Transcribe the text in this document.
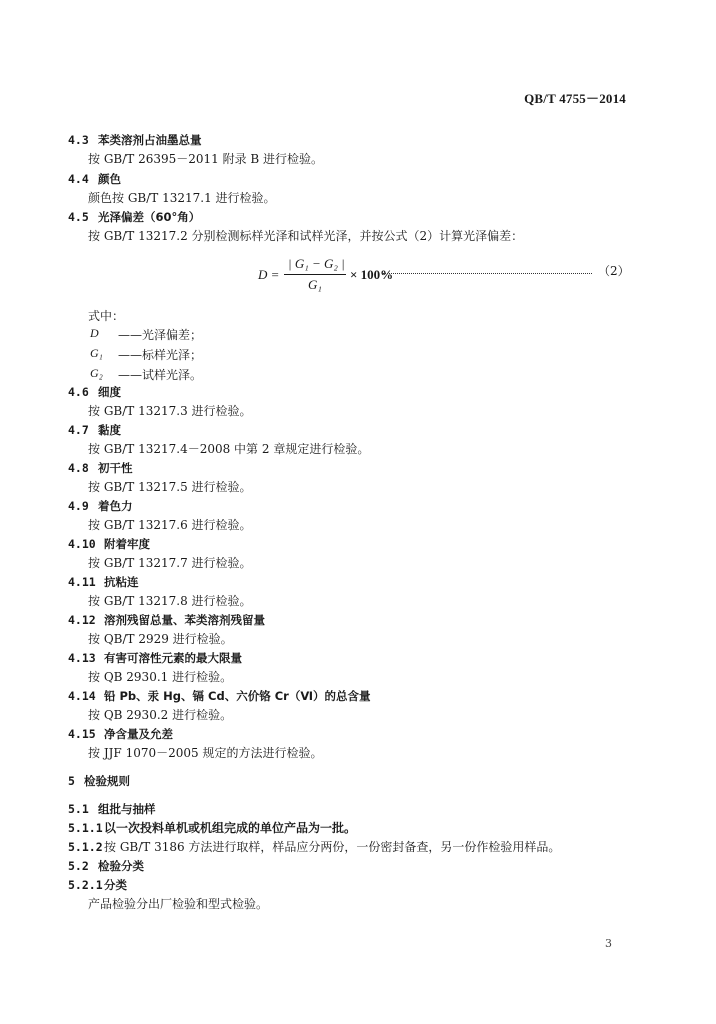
QB/T 4755－2014
4.3 苯类溶剂占油墨总量
按 GB/T 26395－2011 附录 B 进行检验。
4.4 颜色
颜色按 GB/T 13217.1 进行检验。
4.5 光泽偏差（60°角）
按 GB/T 13217.2 分别检测标样光泽和试样光泽，并按公式（2）计算光泽偏差：
D =
| G₁ − G₂ |
G₁
× 100%	（2）
式中：
D ——光泽偏差；
G₁ ——标样光泽；
G₂ ——试样光泽。
4.6 细度
按 GB/T 13217.3 进行检验。
4.7 黏度
按 GB/T 13217.4－2008 中第 2 章规定进行检验。
4.8 初干性
按 GB/T 13217.5 进行检验。
4.9 着色力
按 GB/T 13217.6 进行检验。
4.10 附着牢度
按 GB/T 13217.7 进行检验。
4.11 抗粘连
按 GB/T 13217.8 进行检验。
4.12 溶剂残留总量、苯类溶剂残留量
按 QB/T 2929 进行检验。
4.13 有害可溶性元素的最大限量
按 QB 2930.1 进行检验。
4.14 铅 Pb、汞 Hg、镉 Cd、六价铬 Cr（Ⅵ）的总含量
按 QB 2930.2 进行检验。
4.15 净含量及允差
按 JJF 1070－2005 规定的方法进行检验。
5 检验规则
5.1 组批与抽样
5.1.1以一次投料单机或机组完成的单位产品为一批。
5.1.2按 GB/T 3186 方法进行取样，样品应分两份，一份密封备查，另一份作检验用样品。
5.2 检验分类
5.2.1分类
产品检验分出厂检验和型式检验。
3
